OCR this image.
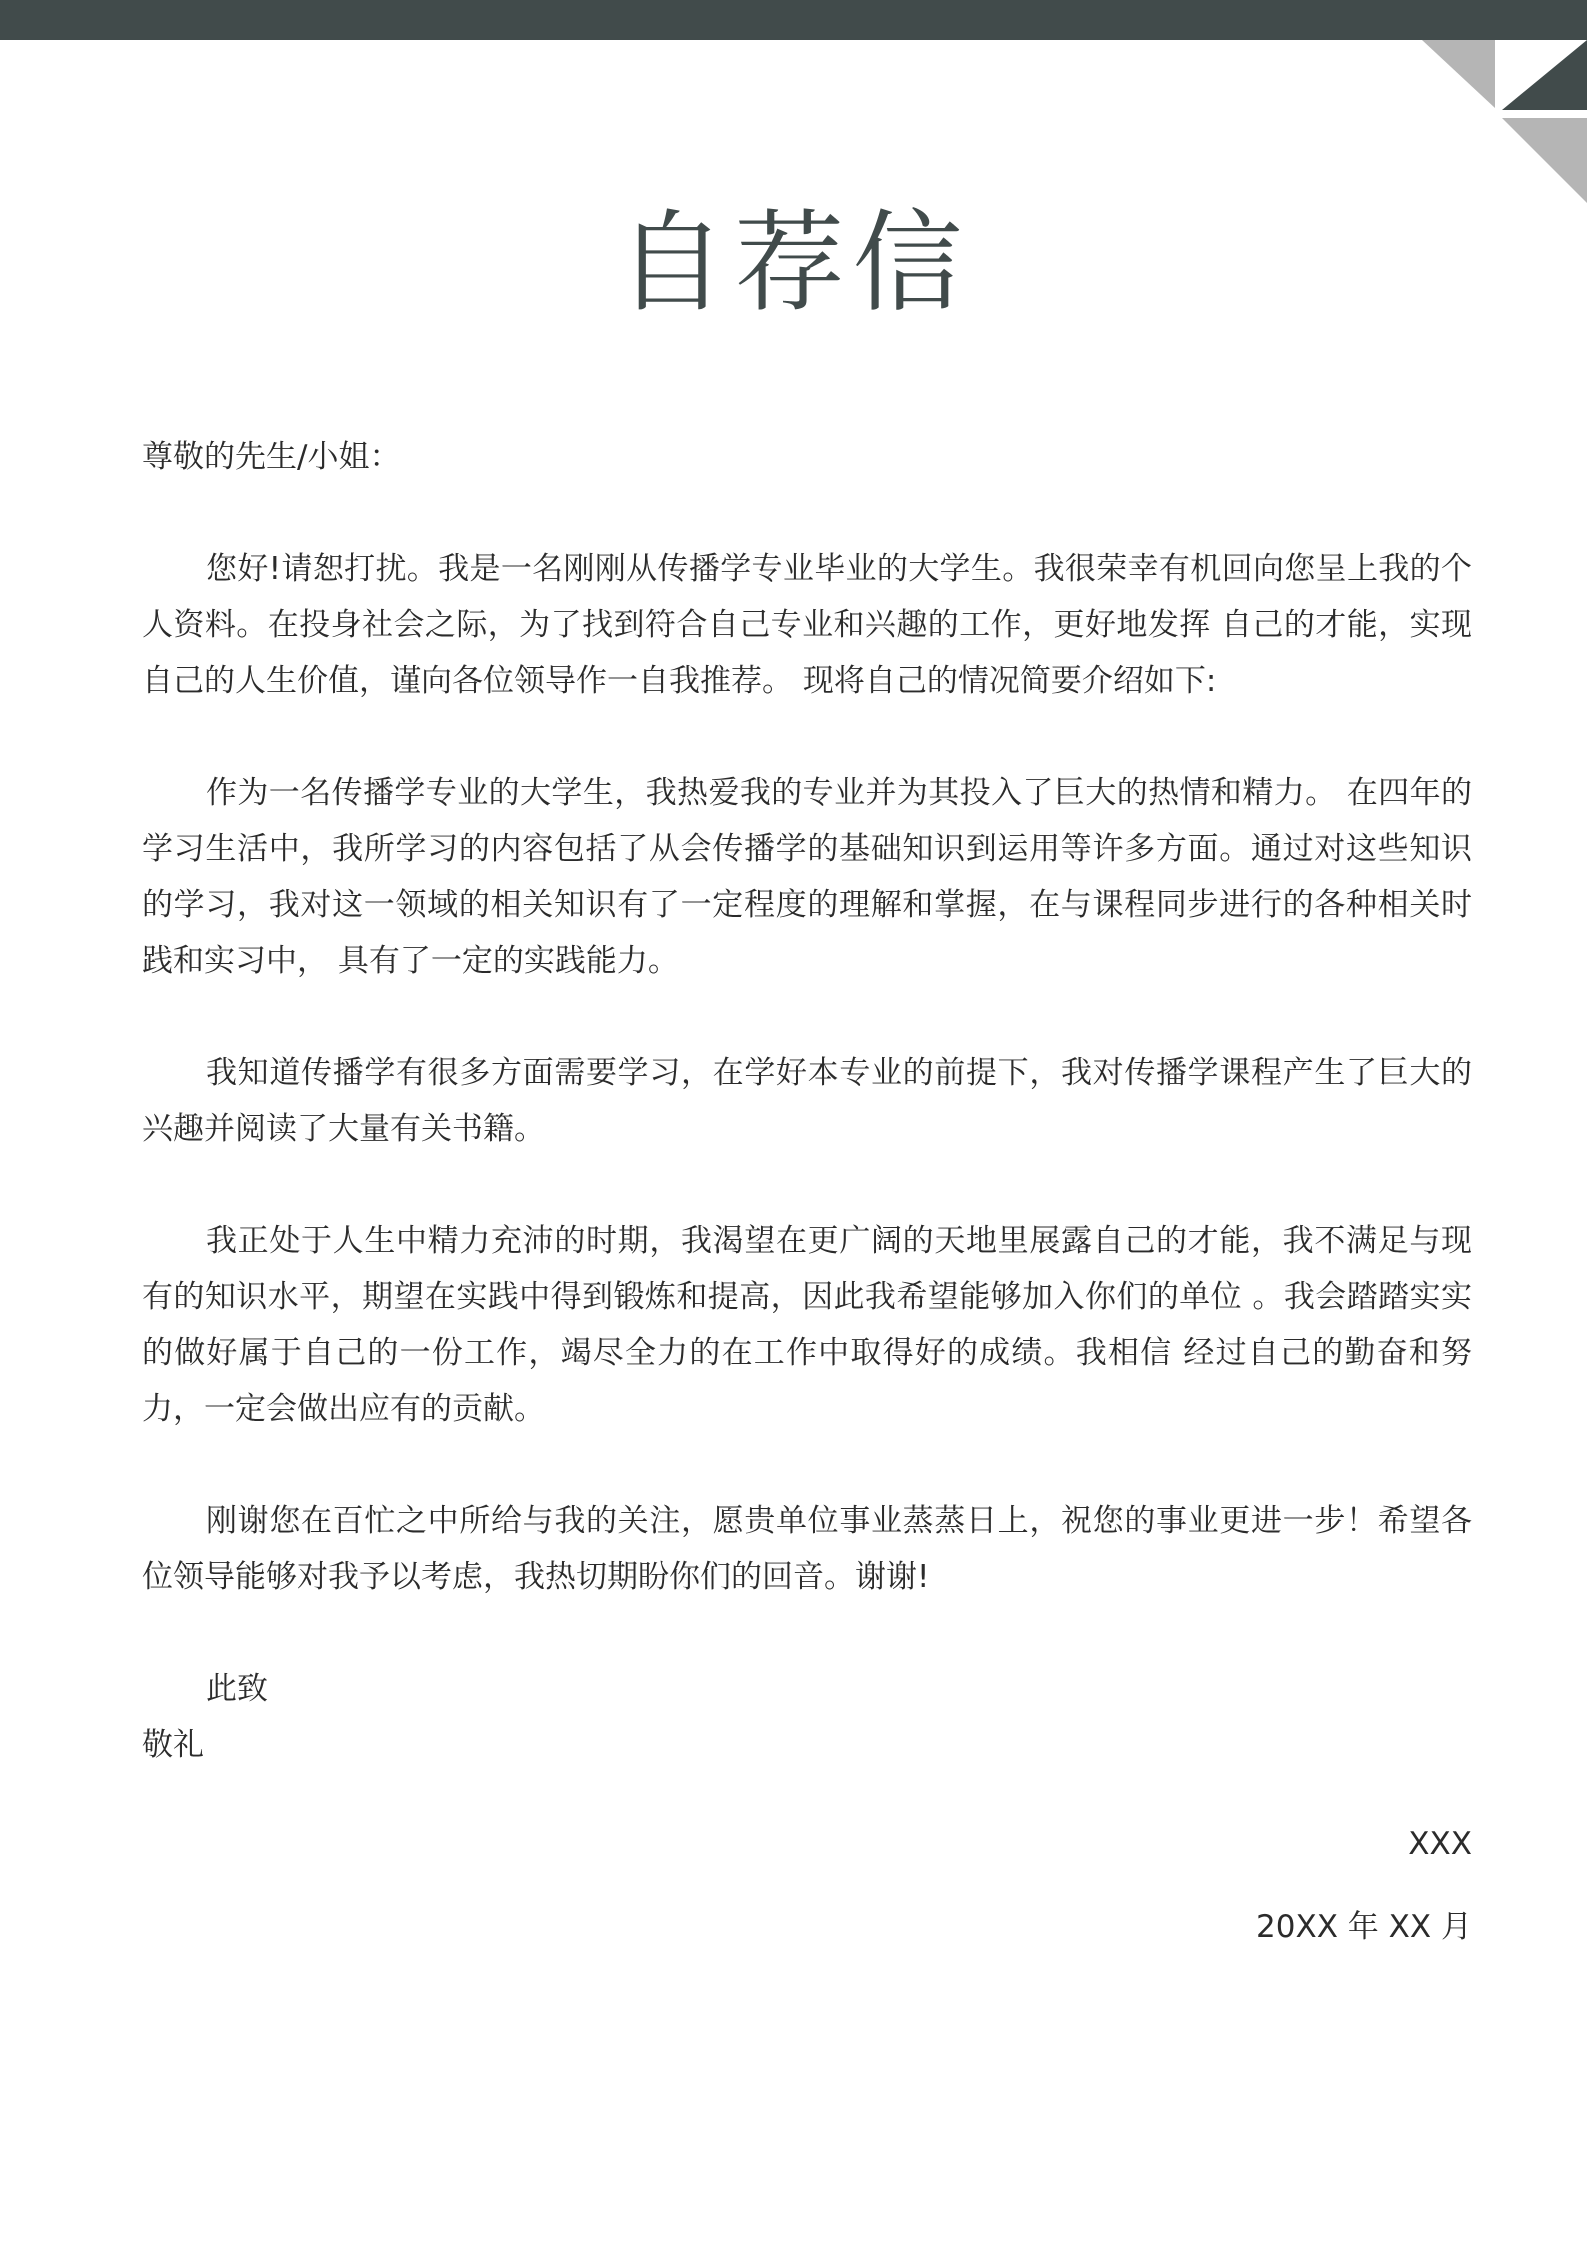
自荐信

尊敬的先生/小姐：

您好!请恕打扰。我是一名刚刚从传播学专业毕业的大学生。我很荣幸有机回向您呈上我的个人资料。在投身社会之际，为了找到符合自己专业和兴趣的工作，更好地发挥 自己的才能，实现自己的人生价值，谨向各位领导作一自我推荐。 现将自己的情况简要介绍如下:

作为一名传播学专业的大学生，我热爱我的专业并为其投入了巨大的热情和精力。 在四年的学习生活中，我所学习的内容包括了从会传播学的基础知识到运用等许多方面。通过对这些知识的学习，我对这一领域的相关知识有了一定程度的理解和掌握，在与课程同步进行的各种相关时践和实习中， 具有了一定的实践能力。

我知道传播学有很多方面需要学习，在学好本专业的前提下，我对传播学课程产生了巨大的兴趣并阅读了大量有关书籍。

我正处于人生中精力充沛的时期，我渴望在更广阔的天地里展露自己的才能，我不满足与现有的知识水平，期望在实践中得到锻炼和提高，因此我希望能够加入你们的单位 。我会踏踏实实的做好属于自己的一份工作，竭尽全力的在工作中取得好的成绩。我相信 经过自己的勤奋和努力，一定会做出应有的贡献。

刚谢您在百忙之中所给与我的关注，愿贵单位事业蒸蒸日上，祝您的事业更进一步！希望各位领导能够对我予以考虑，我热切期盼你们的回音。谢谢!

此致

敬礼

XXX

20XX 年 XX 月
